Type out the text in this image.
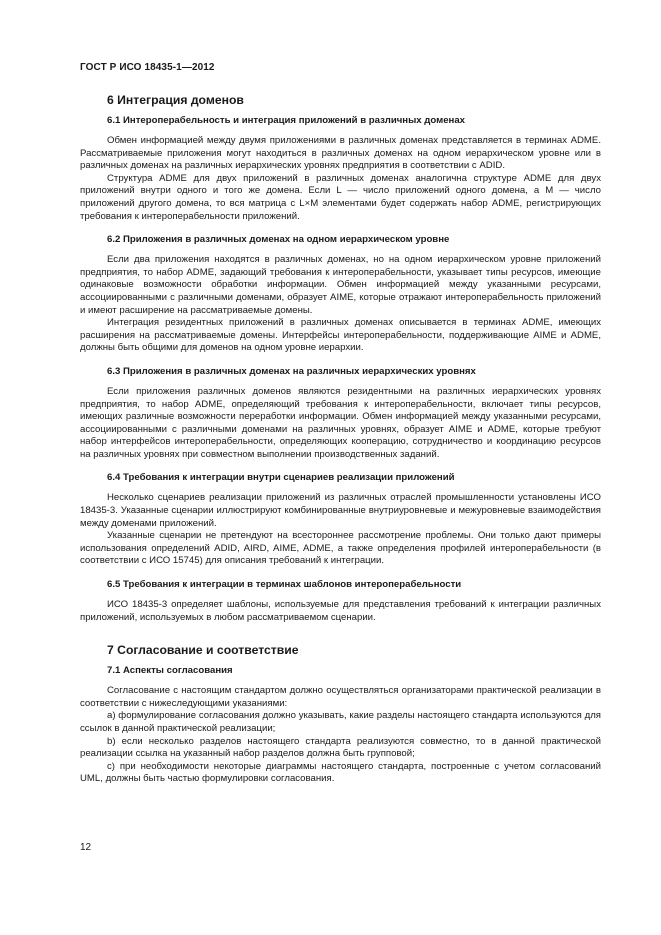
ГОСТ Р ИСО 18435-1—2012
6 Интеграция доменов
6.1 Интероперабельность и интеграция приложений в различных доменах

Обмен информацией между двумя приложениями в различных доменах представляется в терминах ADME. Рассматриваемые приложения могут находиться в различных доменах на одном иерархическом уровне или в различных доменах на различных иерархических уровнях предприятия в соответствии с ADID.

Структура ADME для двух приложений в различных доменах аналогична структуре ADME для двух приложений внутри одного и того же домена. Если L — число приложений одного домена, а M — число приложений другого домена, то вся матрица с L×M элементами будет содержать набор ADME, регистрирующих требования к интероперабельности приложений.

6.2 Приложения в различных доменах на одном иерархическом уровне

Если два приложения находятся в различных доменах, но на одном иерархическом уровне приложений предприятия, то набор ADME, задающий требования к интероперабельности, указывает типы ресурсов, имеющие одинаковые возможности обработки информации. Обмен информацией между указанными ресурсами, ассоциированными с различными доменами, образует AIME, которые отражают интероперабельность приложений и имеют расширение на рассматриваемые домены.

Интеграция резидентных приложений в различных доменах описывается в терминах ADME, имеющих расширения на рассматриваемые домены. Интерфейсы интероперабельности, поддерживающие AIME и ADME, должны быть общими для доменов на одном уровне иерархии.

6.3 Приложения в различных доменах на различных иерархических уровнях

Если приложения различных доменов являются резидентными на различных иерархических уровнях предприятия, то набор ADME, определяющий требования к интероперабельности, включает типы ресурсов, имеющих различные возможности переработки информации. Обмен информацией между указанными ресурсами, ассоциированными с различными доменами на различных уровнях, образует AIME и ADME, которые требуют набор интерфейсов интероперабельности, определяющих кооперацию, сотрудничество и координацию ресурсов на различных уровнях при совместном выполнении производственных заданий.

6.4 Требования к интеграции внутри сценариев реализации приложений

Несколько сценариев реализации приложений из различных отраслей промышленности установлены ИСО 18435-3. Указанные сценарии иллюстрируют комбинированные внутриуровневые и межуровневые взаимодействия между доменами приложений.

Указанные сценарии не претендуют на всестороннее рассмотрение проблемы. Они только дают примеры использования определений ADID, AIRD, AIME, ADME, а также определения профилей интероперабельности (в соответствии с ИСО 15745) для описания требований к интеграции.

6.5 Требования к интеграции в терминах шаблонов интероперабельности

ИСО 18435-3 определяет шаблоны, используемые для представления требований к интеграции различных приложений, используемых в любом рассматриваемом сценарии.

7 Согласование и соответствие
7.1 Аспекты согласования

Согласование с настоящим стандартом должно осуществляться организаторами практической реализации в соответствии с нижеследующими указаниями:

а) формулирование согласования должно указывать, какие разделы настоящего стандарта используются для ссылок в данной практической реализации;

b) если несколько разделов настоящего стандарта реализуются совместно, то в данной практической реализации ссылка на указанный набор разделов должна быть групповой;

с) при необходимости некоторые диаграммы настоящего стандарта, построенные с учетом согласований UML, должны быть частью формулировки согласования.

12
